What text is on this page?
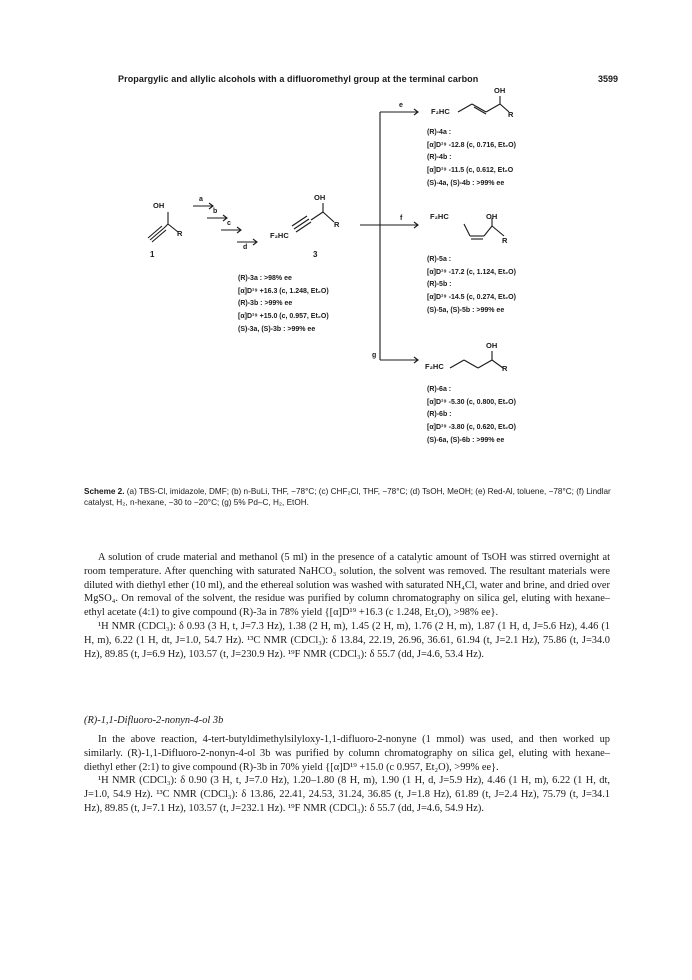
Propargylic and allylic alcohols with a difluoromethyl group at the terminal carbon	3599
OH
R
1
a
b
c
d
OH
R
F₂HC
3
e
f
g
OH
F₂HC	R
F₂HC	OH
R
OH
F₂HC	R
(R)-3a : >98% ee
[α]D¹⁹ +16.3 (c, 1.248, Et₂O)
(R)-3b : >99% ee
[α]D¹⁹ +15.0 (c, 0.957, Et₂O)
(S)-3a, (S)-3b : >99% ee
(R)-4a :
[α]D¹⁹ -12.8 (c, 0.716, Et₂O)
(R)-4b :
[α]D¹⁹ -11.5 (c, 0.612, Et₂O
(S)-4a, (S)-4b : >99% ee
(R)-5a :
[α]D¹⁹ -17.2 (c, 1.124, Et₂O)
(R)-5b :
[α]D¹⁹ -14.5 (c, 0.274, Et₂O)
(S)-5a, (S)-5b : >99% ee
(R)-6a :
[α]D¹⁹ -5.30 (c, 0.800, Et₂O)
(R)-6b :
[α]D¹⁹ -3.80 (c, 0.620, Et₂O)
(S)-6a, (S)-6b : >99% ee
Scheme 2. (a) TBS-Cl, imidazole, DMF; (b) n-BuLi, THF, −78°C; (c) CHF₂Cl, THF, −78°C; (d) TsOH, MeOH; (e) Red-Al, toluene, −78°C; (f) Lindlar catalyst, H₂, n-hexane, −30 to −20°C; (g) 5% Pd–C, H₂, EtOH.

A solution of crude material and methanol (5 ml) in the presence of a catalytic amount of TsOH was stirred overnight at room temperature. After quenching with saturated NaHCO₃ solution, the solvent was removed. The resultant materials were diluted with diethyl ether (10 ml), and the ethereal solution was washed with saturated NH₄Cl, water and brine, and dried over MgSO₄. On removal of the solvent, the residue was purified by column chromatography on silica gel, eluting with hexane–ethyl acetate (4:1) to give compound (R)-3a in 78% yield {[α]D¹⁹ +16.3 (c 1.248, Et₂O), >98% ee}.

¹H NMR (CDCl₃): δ 0.93 (3 H, t, J=7.3 Hz), 1.38 (2 H, m), 1.45 (2 H, m), 1.76 (2 H, m), 1.87 (1 H, d, J=5.6 Hz), 4.46 (1 H, m), 6.22 (1 H, dt, J=1.0, 54.7 Hz). ¹³C NMR (CDCl₃): δ 13.84, 22.19, 26.96, 36.61, 61.94 (t, J=2.1 Hz), 75.86 (t, J=34.0 Hz), 89.85 (t, J=6.9 Hz), 103.57 (t, J=230.9 Hz). ¹⁹F NMR (CDCl₃): δ 55.7 (dd, J=4.6, 53.4 Hz).

(R)-1,1-Difluoro-2-nonyn-4-ol 3b

In the above reaction, 4-tert-butyldimethylsilyloxy-1,1-difluoro-2-nonyne (1 mmol) was used, and then worked up similarly. (R)-1,1-Difluoro-2-nonyn-4-ol 3b was purified by column chromatography on silica gel, eluting with hexane–diethyl ether (2:1) to give compound (R)-3b in 70% yield {[α]D¹⁹ +15.0 (c 0.957, Et₂O), >99% ee}.

¹H NMR (CDCl₃): δ 0.90 (3 H, t, J=7.0 Hz), 1.20–1.80 (8 H, m), 1.90 (1 H, d, J=5.9 Hz), 4.46 (1 H, m), 6.22 (1 H, dt, J=1.0, 54.9 Hz). ¹³C NMR (CDCl₃): δ 13.86, 22.41, 24.53, 31.24, 36.85 (t, J=1.8 Hz), 61.89 (t, J=2.4 Hz), 75.79 (t, J=34.1 Hz), 89.85 (t, J=7.1 Hz), 103.57 (t, J=232.1 Hz). ¹⁹F NMR (CDCl₃): δ 55.7 (dd, J=4.6, 54.9 Hz).
